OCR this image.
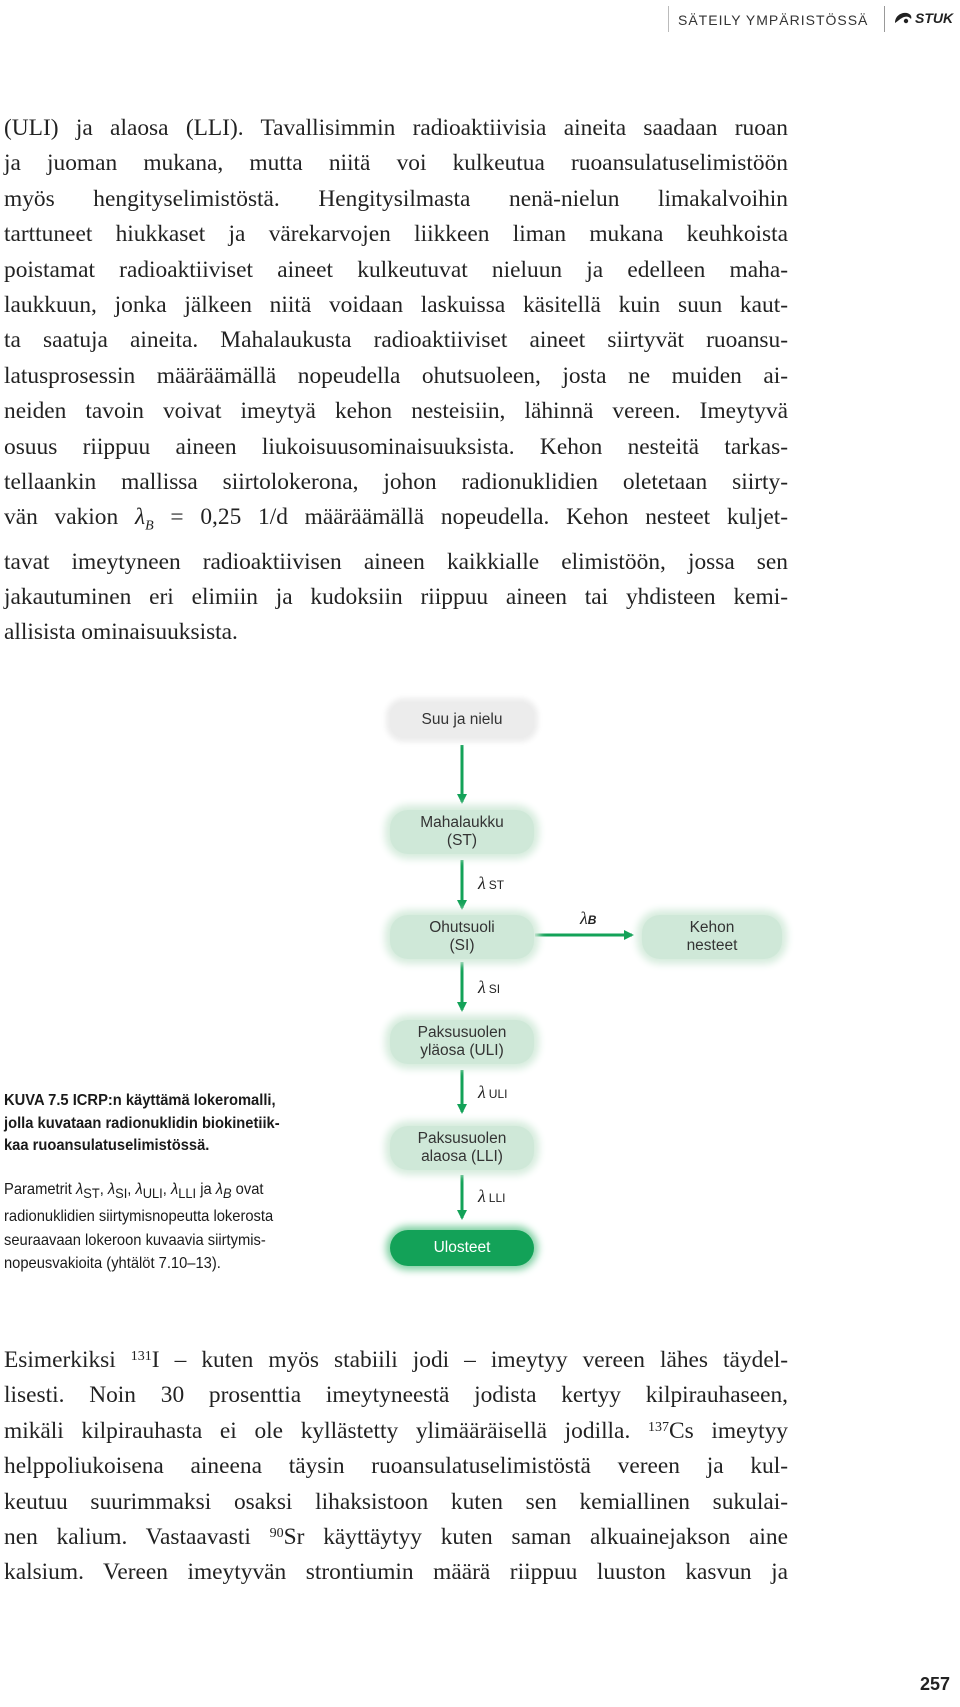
SÄTEILY YMPÄRISTÖSSÄ	STUK
(ULI) ja alaosa (LLI). Tavallisimmin radioaktiivisia aineita saadaan ruoan
ja juoman mukana, mutta niitä voi kulkeutua ruoansulatuselimistöön
myös hengityselimistöstä. Hengitysilmasta nenä-nielun limakalvoihin
tarttuneet hiukkaset ja värekarvojen liikkeen liman mukana keuhkoista
poistamat radioaktiiviset aineet kulkeutuvat nieluun ja edelleen maha-
laukkuun, jonka jälkeen niitä voidaan laskuissa käsitellä kuin suun kaut-
ta saatuja aineita. Mahalaukusta radioaktiiviset aineet siirtyvät ruoansu-
latusprosessin määräämällä nopeudella ohutsuoleen, josta ne muiden ai-
neiden tavoin voivat imeytyä kehon nesteisiin, lähinnä vereen. Imeytyvä
osuus riippuu aineen liukoisuusominaisuuksista. Kehon nesteitä tarkas-
tellaankin mallissa siirtolokerona, johon radionuklidien oletetaan siirty-
vän vakion $\lambda_B = 0,25$ 1/d määräämällä nopeudella. Kehon nesteet kuljet-
tavat imeytyneen radioaktiivisen aineen kaikkialle elimistöön, jossa sen
jakautuminen eri elimiin ja kudoksiin riippuu aineen tai yhdisteen kemi-
allisista ominaisuuksista.
Suu ja nielu
Mahalaukku
(ST)
λST
Ohutsuoli
(SI)
λB	Kehon
nesteet
λSI
Paksusuolen
yläosa (ULI)
λULI
Paksusuolen
alaosa (LLI)
λLLI
Ulosteet
KUVA 7.5 ICRP:n käyttämä lokeromalli,
jolla kuvataan radionuklidin biokinetiik-
kaa ruoansulatuselimistössä.
Parametrit $\lambda_{ST}$, $\lambda_{SI}$, $\lambda_{ULI}$, $\lambda_{LLI}$ ja $\lambda_B$ ovat
radionuklidien siirtymisnopeutta lokerosta
seuraavaan lokeroon kuvaavia siirtymis-
nopeusvakioita (yhtälöt 7.10–13).
Esimerkiksi $^{131}$I – kuten myös stabiili jodi – imeytyy vereen lähes täydel-
lisesti. Noin 30 prosenttia imeytyneestä jodista kertyy kilpirauhaseen,
mikäli kilpirauhasta ei ole kyllästetty ylimääräisellä jodilla. $^{137}$Cs imeytyy
helppoliukoisena aineena täysin ruoansulatuselimistöstä vereen ja kul-
keutuu suurimmaksi osaksi lihaksistoon kuten sen kemiallinen sukulai-
nen kalium. Vastaavasti $^{90}$Sr käyttäytyy kuten saman alkuainejakson aine
kalsium. Vereen imeytyvän strontiumin määrä riippuu luuston kasvun ja
257
